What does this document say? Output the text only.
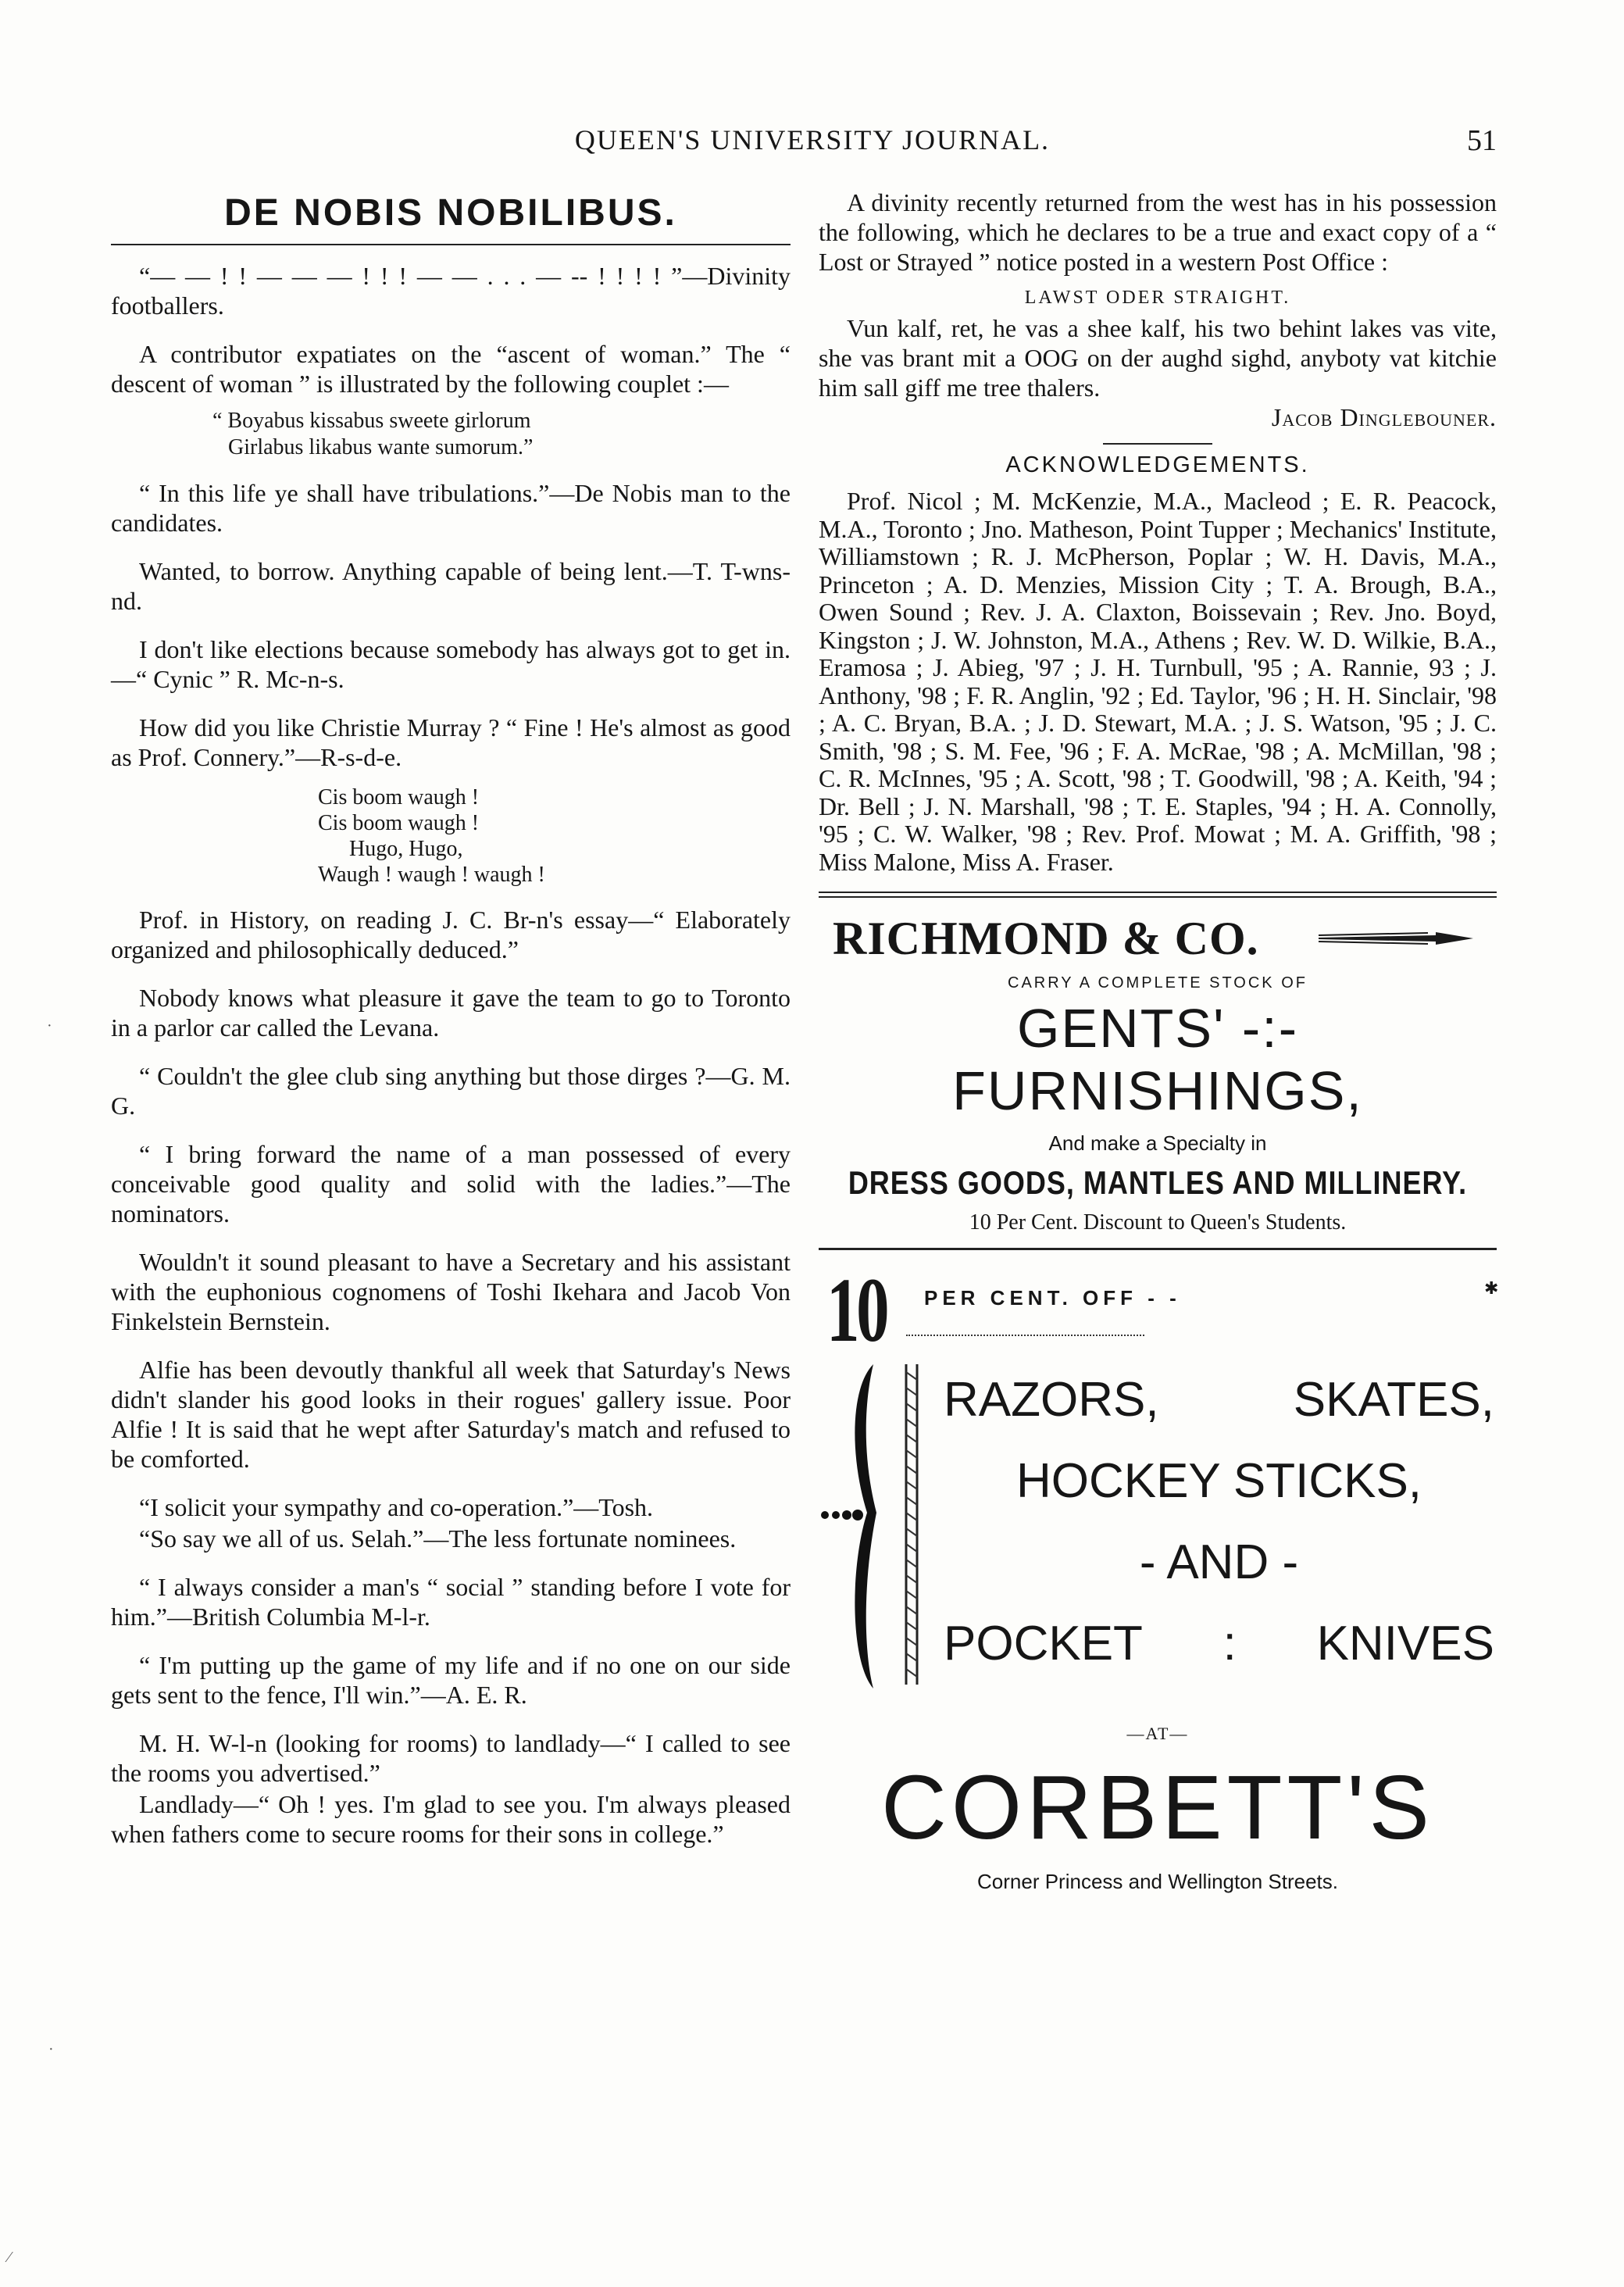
QUEEN'S UNIVERSITY JOURNAL.	51
DE NOBIS NOBILIBUS.

“— — ! ! — — — ! ! ! — — . . . — -- ! ! ! ! ”—Divinity footballers.

A contributor expatiates on the “ascent of woman.” The “ descent of woman ” is illustrated by the following couplet :—

“ Boyabus kissabus sweete girlorum
Girlabus likabus wante sumorum.”

“ In this life ye shall have tribulations.”—De Nobis man to the candidates.

Wanted, to borrow. Anything capable of being lent.—T. T-wns-nd.

I don't like elections because somebody has always got to get in.—“ Cynic ” R. Mc-n-s.

How did you like Christie Murray ? “ Fine ! He's almost as good as Prof. Connery.”—R-s-d-e.

Cis boom waugh !
Cis boom waugh !
Hugo, Hugo,
Waugh ! waugh ! waugh !

Prof. in History, on reading J. C. Br-n's essay—“ Elaborately organized and philosophically deduced.”

Nobody knows what pleasure it gave the team to go to Toronto in a parlor car called the Levana.

“ Couldn't the glee club sing anything but those dirges ?—G. M. G.

“ I bring forward the name of a man possessed of every conceivable good quality and solid with the ladies.”—The nominators.

Wouldn't it sound pleasant to have a Secretary and his assistant with the euphonious cognomens of Toshi Ikehara and Jacob Von Finkelstein Bernstein.

Alfie has been devoutly thankful all week that Saturday's News didn't slander his good looks in their rogues' gallery issue. Poor Alfie ! It is said that he wept after Saturday's match and refused to be comforted.

“I solicit your sympathy and co-operation.”—Tosh.

“So say we all of us. Selah.”—The less fortunate nominees.

“ I always consider a man's “ social ” standing before I vote for him.”—British Columbia M-l-r.

“ I'm putting up the game of my life and if no one on our side gets sent to the fence, I'll win.”—A. E. R.

M. H. W-l-n (looking for rooms) to landlady—“ I called to see the rooms you advertised.”

Landlady—“ Oh ! yes. I'm glad to see you. I'm always pleased when fathers come to secure rooms for their sons in college.”

A divinity recently returned from the west has in his possession the following, which he declares to be a true and exact copy of a “ Lost or Strayed ” notice posted in a western Post Office :

LAWST ODER STRAIGHT.

Vun kalf, ret, he vas a shee kalf, his two behint lakes vas vite, she vas brant mit a OOG on der aughd sighd, anyboty vat kitchie him sall giff me tree thalers.

Jacob Dinglebouner.
ACKNOWLEDGEMENTS.

Prof. Nicol ; M. McKenzie, M.A., Macleod ; E. R. Peacock, M.A., Toronto ; Jno. Matheson, Point Tupper ; Mechanics' Institute, Williamstown ; R. J. McPherson, Poplar ; W. H. Davis, M.A., Princeton ; A. D. Menzies, Mission City ; T. A. Brough, B.A., Owen Sound ; Rev. J. A. Claxton, Boissevain ; Rev. Jno. Boyd, Kingston ; J. W. Johnston, M.A., Athens ; Rev. W. D. Wilkie, B.A., Eramosa ; J. Abieg, '97 ; J. H. Turnbull, '95 ; A. Rannie, 93 ; J. Anthony, '98 ; F. R. Anglin, '92 ; Ed. Taylor, '96 ; H. H. Sinclair, '98 ; A. C. Bryan, B.A. ; J. D. Stewart, M.A. ; J. S. Watson, '95 ; J. C. Smith, '98 ; S. M. Fee, '96 ; F. A. McRae, '98 ; A. McMillan, '98 ; C. R. McInnes, '95 ; A. Scott, '98 ; T. Goodwill, '98 ; A. Keith, '94 ; Dr. Bell ; J. N. Marshall, '98 ; T. E. Staples, '94 ; H. A. Connolly, '95 ; C. W. Walker, '98 ; Rev. Prof. Mowat ; M. A. Griffith, '98 ; Miss Malone, Miss A. Fraser.

RICHMOND & CO.
CARRY A COMPLETE STOCK OF
GENTS' -:- FURNISHINGS,
And make a Specialty in
DRESS GOODS, MANTLES AND MILLINERY.
10 Per Cent. Discount to Queen's Students.
10 PER CENT. OFF - -	✱
RAZORS,	SKATES,
HOCKEY STICKS,
- AND -
POCKET : KNIVES
—AT—
CORBETT'S
Corner Princess and Wellington Streets.
·
·
⁄
